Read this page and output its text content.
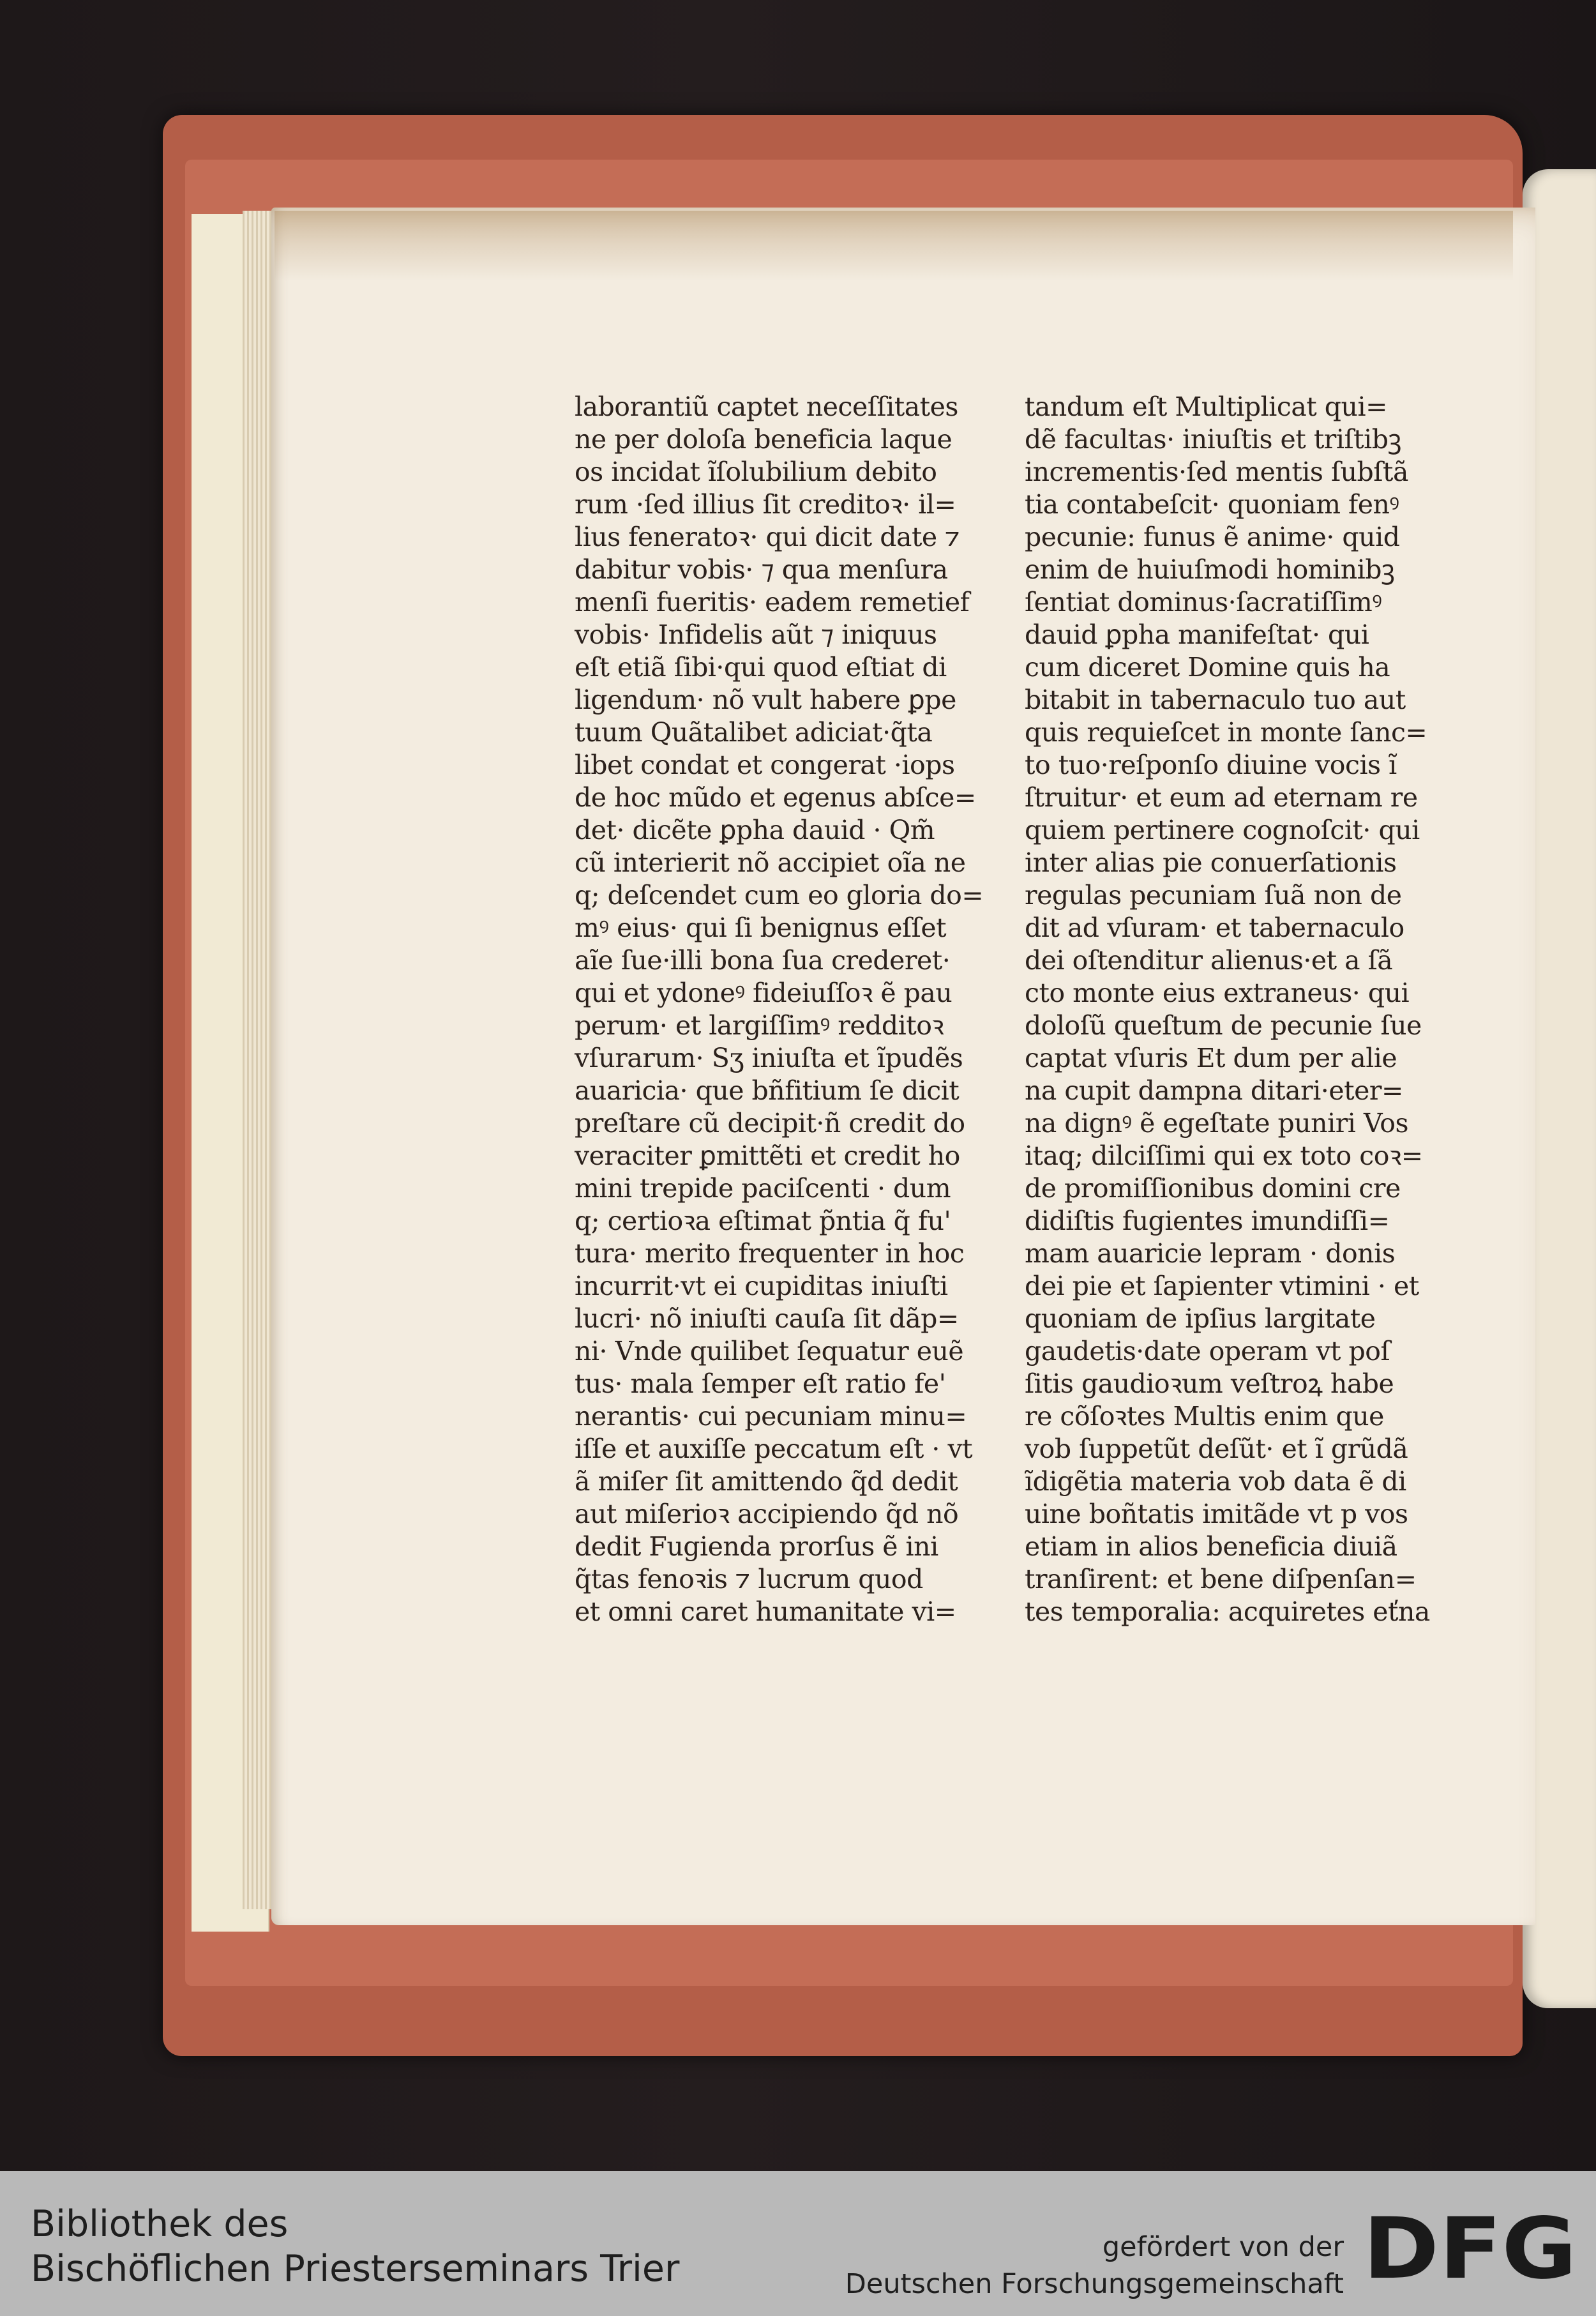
laborantiũ captet neceſſitates
ne per doloſa beneficia laque
os incidat ĩſolubilium debito
rum ·ſed illius ſit creditoꝛ· il=
lius feneratoꝛ· qui dicit date ⁊
dabitur vobis· ⁊ qua menſura
menſi fueritis· eadem remetief
vobis· Infidelis aũt ⁊ iniquus
eſt etiã ſibi·qui quod eſtiat di
ligendum· nõ vult habere ꝑpe
tuum Quãtalibet adiciat·q̃ta
libet condat et congerat ·iops
de hoc mũdo et egenus abſce=
det· dicẽte ꝑpha dauid · Qm̃
cũ interierit nõ accipiet oĩa ne
q; deſcendet cum eo gloria do=
mꝰ eius· qui ſi benignus eſſet
aĩe ſue·illi bona ſua crederet·
qui et ydoneꝰ fideiuſſoꝛ ẽ pau
perum· et largiſſimꝰ redditoꝛ
vſurarum· Sʒ iniuſta et ĩpudẽs
auaricia· que bñfitium ſe dicit
preſtare cũ decipit·ñ credit do
veraciter ꝑmittẽti et credit ho
mini trepide paciſcenti · dum
q; certioꝛa eſtimat p̃ntia q̃ fu'
tura· merito frequenter in hoc
incurrit·vt ei cupiditas iniuſti
lucri· nõ iniuſti cauſa ſit dãp=
ni· Vnde quilibet ſequatur euẽ
tus· mala ſemper eſt ratio fe'
nerantis· cui pecuniam minu=
iſſe et auxiſſe peccatum eſt · vt
ã miſer ſit amittendo q̃d dedit
aut miſerioꝛ accipiendo q̃d nõ
dedit Fugienda prorſus ẽ ini
q̃tas fenoꝛis ⁊ lucrum quod
et omni caret humanitate vi=
tandum eſt Multiplicat qui=
dẽ facultas· iniuſtis et triſtibꝫ
incrementis·ſed mentis ſubſtã
tia contabeſcit· quoniam fenꝰ
pecunie: funus ẽ anime· quid
enim de huiuſmodi hominibꝫ
ſentiat dominus·ſacratiſſimꝰ
dauid ꝑpha manifeſtat· qui
cum diceret Domine quis ha
bitabit in tabernaculo tuo aut
quis requieſcet in monte ſanc=
to tuo·reſponſo diuine vocis ĩ
ſtruitur· et eum ad eternam re
quiem pertinere cognoſcit· qui
inter alias pie conuerſationis
regulas pecuniam ſuã non de
dit ad vſuram· et tabernaculo
dei oſtenditur alienus·et a ſã
cto monte eius extraneus· qui
doloſũ queſtum de pecunie ſue
captat vſuris Et dum per alie
na cupit dampna ditari·eter=
na dignꝰ ẽ egeſtate puniri Vos
itaq; dilciſſimi qui ex toto coꝛ=
de promiſſionibus domini cre
didiſtis fugientes imundiſſi=
mam auaricie lepram · donis
dei pie et ſapienter vtimini · et
quoniam de ipſius largitate
gaudetis·date operam vt poſ
ſitis gaudioꝛum veſtroꝝ habe
re cõſoꝛtes Multis enim que
vob ſuppetũt deſũt· et ĩ grũdã
ĩdigẽtia materia vob data ẽ di
uine boñtatis imitãde vt p vos
etiam in alios beneficia diuiã
tranſirent: et bene diſpenſan=
tes temporalia: acquiretes eťna
Bibliothek des
Bischöflichen Priesterseminars Trier
gefördert von der
Deutschen Forschungsgemeinschaft DFG
